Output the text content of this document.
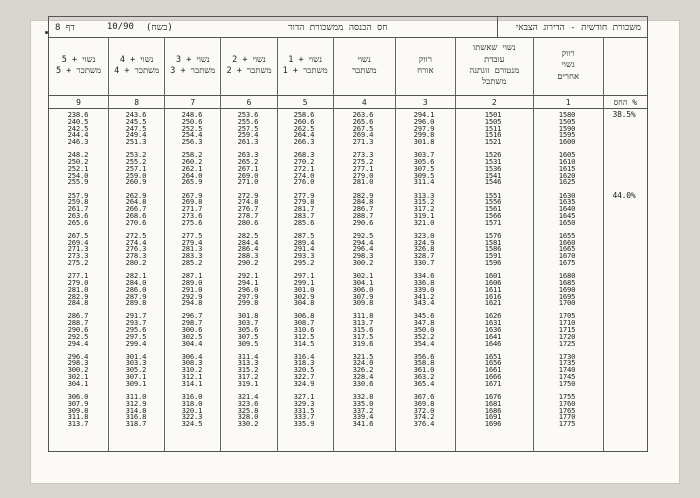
משכורת חודשית - הדירוג הצבאי
חס הכנסה ממשכורת הדור
(בשח)
10/90
דף 8
רווק
גשוי
אחרים
נשוי שאשתו
עובדת
מנטורם זוגתנה
משתכל
רווק
אורח
נשוי
משתכר
נשוי + 1
משתכר + 1
נשוי + 2
משתכר + 2
נשוי + 3
משתכר + 3
נשוי + 4
משתכר + 4
נשוי + 5
משתכר + 5
% החס
1
2
3
4
5
6
7
8
9
38.5%
1580
1501
294.1
263.6
258.6
253.6
248.6
243.6
238.6
1505
1505
296.0
265.6
260.6
255.6
250.6
245.5
240.5
1590
1511
297.9
267.5
262.5
257.5
252.5
247.5
242.5
1595
1516
299.8
269.4
264.4
259.4
254.4
249.4
244.4
1600
1521
301.8
271.3
266.3
261.3
256.3
251.3
246.3
1605
1526
303.7
273.3
268.3
263.3
258.2
253.2
248.2
1610
1531
305.6
275.2
270.2
265.2
260.2
255.2
250.2
1615
1536
307.5
277.1
272.1
267.1
262.1
257.1
252.1
1620
1541
309.5
279.0
274.0
269.0
264.0
259.0
254.0
1625
1546
311.4
281.0
276.0
271.0
265.9
260.9
255.9
44.0%
1630
1551
313.3
282.9
277.9
272.9
267.9
262.9
257.9
1635
1556
315.2
284.8
279.8
274.8
269.8
264.8
259.8
1640
1561
317.2
286.7
281.7
276.7
271.7
266.7
261.7
1645
1566
319.1
288.7
283.7
278.7
273.6
268.6
263.6
1650
1571
321.0
290.6
285.6
280.6
275.6
270.6
265.6
1655
1576
323.0
292.5
287.5
282.5
277.5
272.5
267.5
1660
1581
324.9
294.4
289.4
284.4
279.4
274.4
269.4
1665
1586
326.8
296.4
291.4
286.4
281.3
276.3
271.3
1670
1591
328.7
298.3
293.3
288.3
283.3
278.3
273.3
1675
1596
330.7
300.2
295.2
290.2
285.2
280.2
275.2
1680
1601
334.6
302.1
297.1
292.1
287.1
282.1
277.1
1685
1606
336.8
304.1
299.1
294.1
289.0
284.0
279.0
1690
1611
339.0
306.0
301.0
296.0
291.0
286.0
281.0
1695
1616
341.2
307.9
302.9
297.9
292.9
287.9
282.9
1700
1621
343.4
309.8
304.8
299.8
294.8
289.8
284.8
1705
1626
345.6
311.8
306.8
301.8
296.7
291.7
286.7
1710
1631
347.8
313.7
308.7
303.7
298.7
293.7
288.7
1715
1636
350.0
315.6
310.6
305.6
300.6
295.6
290.6
1720
1641
352.2
317.5
312.5
307.5
302.5
297.5
292.5
1725
1646
354.4
319.6
314.5
309.5
304.4
299.4
294.4
1730
1651
356.6
321.5
316.4
311.4
306.4
301.4
296.4
1735
1656
358.8
324.0
318.3
313.3
308.3
303.3
298.3
1740
1661
361.0
326.2
320.5
315.2
310.2
305.2
300.2
1745
1666
363.2
328.4
322.7
317.2
312.1
307.1
302.1
1750
1671
365.4
330.6
324.9
319.1
314.1
309.1
304.1
1755
1676
367.6
332.8
327.1
321.4
316.0
311.0
306.0
1760
1681
369.8
335.0
329.3
323.6
318.0
312.9
307.9
1765
1686
372.0
337.2
331.5
325.8
320.1
314.8
309.8
1770
1691
374.2
339.4
333.7
328.0
322.3
316.8
311.8
1775
1696
376.4
341.6
335.9
330.2
324.5
318.7
313.7
